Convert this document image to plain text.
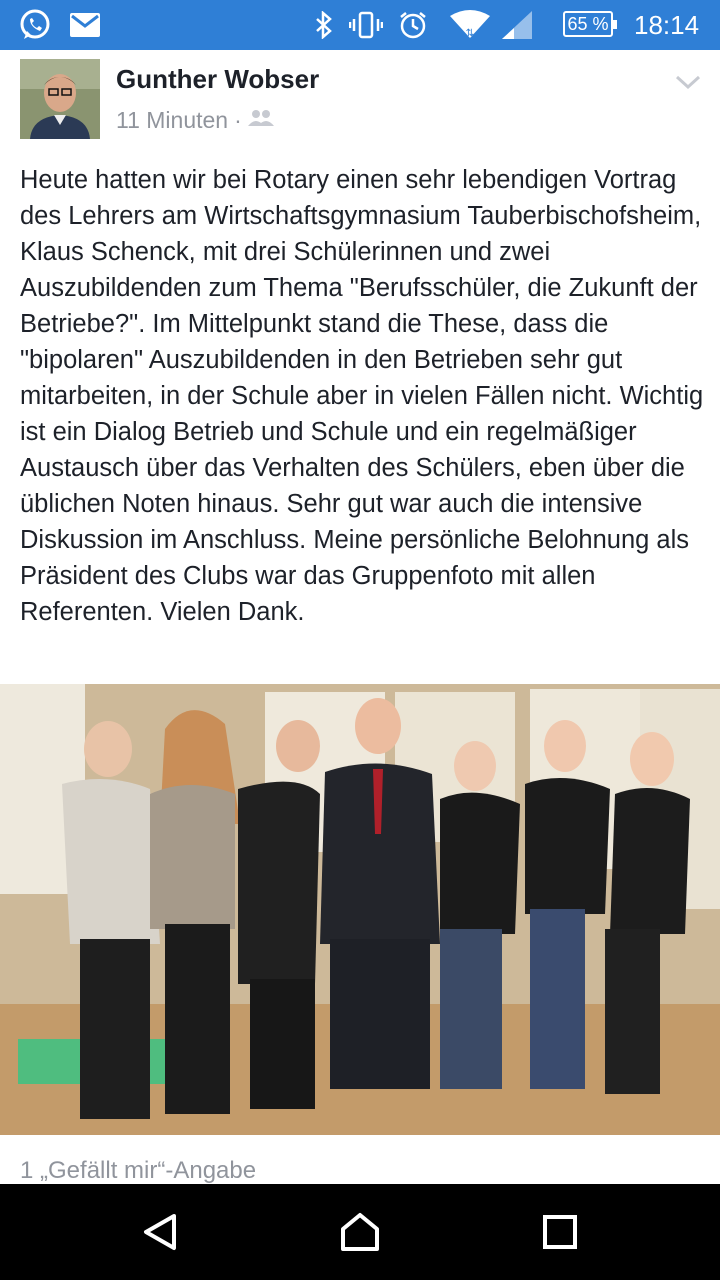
⇅	65 % 18:14
Gunther Wobser
11 Minuten ·
Heute hatten wir bei Rotary einen sehr lebendigen Vortrag des Lehrers am Wirtschaftsgymnasium Tauberbischofsheim, Klaus Schenck, mit drei Schülerinnen und zwei Auszubildenden zum Thema "Berufsschüler, die Zukunft der Betriebe?". Im Mittelpunkt stand die These, dass die "bipolaren" Auszubildenden in den Betrieben sehr gut mitarbeiten, in der Schule aber in vielen Fällen nicht. Wichtig ist ein Dialog Betrieb und Schule und ein regelmäßiger Austausch über das Verhalten des Schülers, eben über die üblichen Noten hinaus. Sehr gut war auch die intensive Diskussion im Anschluss. Meine persönliche Belohnung als Präsident des Clubs war das Gruppenfoto mit allen Referenten. Vielen Dank.
1 „Gefällt mir“-Angabe
